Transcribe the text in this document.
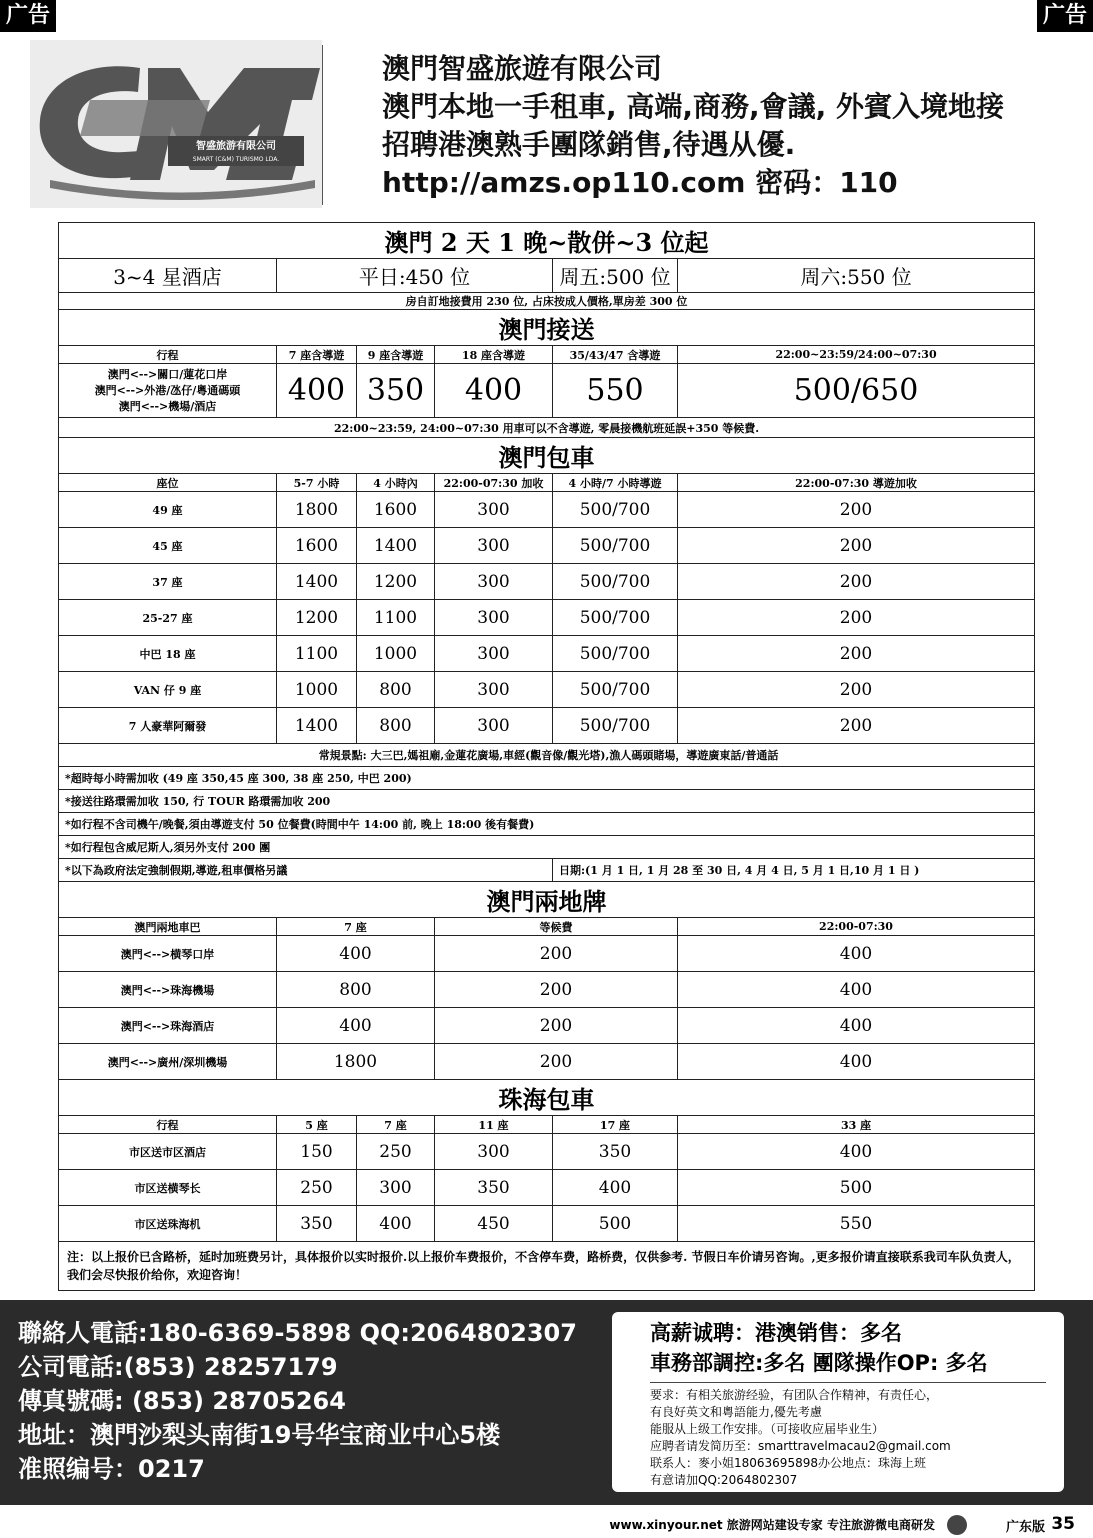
广告	广告
智盛旅游有限公司
SMART (C&M) TURISMO LDA.
澳門智盛旅遊有限公司
澳門本地一手租車, 高端,商務,會議, 外賓入境地接
招聘港澳熟手團隊銷售,待遇从優.
http://amzs.op110.com 密码：110
澳門 2 天 1 晚~散併~3 位起					
3~4 星酒店	平日:450 位			周五:500 位	周六:550 位
房自訂地接費用 230 位, 占床按成人價格,單房差 300 位					
澳門接送					
行程	7 座含導遊	9 座含導遊	18 座含導遊	35/43/47 含導遊	22:00~23:59/24:00~07:30

澳門<-->關口/蓮花口岸
澳門<-->外港/氹仔/粵通碼頭
澳門<-->機場/酒店	400	350	400	550	500/650
22:00~23:59, 24:00~07:30 用車可以不含導遊, 零晨接機航班延誤+350 等候費.					
澳門包車					
座位	5-7 小時	4 小時內	22:00-07:30 加收	4 小時/7 小時導遊	22:00-07:30 導遊加收
49 座	1800	1600	300	500/700	200
45 座	1600	1400	300	500/700	200
37 座	1400	1200	300	500/700	200
25-27 座	1200	1100	300	500/700	200
中巴 18 座	1100	1000	300	500/700	200
VAN 仔 9 座	1000	800	300	500/700	200
7 人豪華阿爾發	1400	800	300	500/700	200
常規景點: 大三巴,媽祖廟,金蓮花廣場,車經(觀音像/觀光塔),漁人碼頭賭場，導遊廣東話/普通話					
*超時每小時需加收 (49 座 350,45 座 300, 38 座 250, 中巴 200)					
*接送往路環需加收 150, 行 TOUR 路環需加收 200					
*如行程不含司機午/晚餐,須由導遊支付 50 位餐費(時間中午 14:00 前, 晚上 18:00 後有餐費)					
*如行程包含威尼斯人,須另外支付 200 團					
*以下為政府法定強制假期,導遊,租車價格另議				日期:(1 月 1 日, 1 月 28 至 30 日, 4 月 4 日, 5 月 1 日,10 月 1 日 )	
澳門兩地牌					
澳門兩地車巴	7 座		等候費		22:00-07:30
澳門<-->横琴口岸	400		200		400
澳門<-->珠海機場	800		200		400
澳門<-->珠海酒店	400		200		400
澳門<-->廣州/深圳機場	1800		200		400
珠海包車					
行程	5 座	7 座	11 座	17 座	33 座
市区送市区酒店	150	250	300	350	400
市区送横琴长	250	300	350	400	500
市区送珠海机	350	400	450	500	550
注：以上报价已含路桥，延时加班费另计，具体报价以实时报价.以上报价车费报价，不含停车费，路桥费，仅供参考. 节假日车价请另咨询。,更多报价请直接联系我司车队负责人，我们会尽快报价给你，欢迎咨询！					
聯絡人電話:180-6369-5898 QQ:2064802307
公司電話:(853) 28257179
傳真號碼: (853) 28705264
地址：澳門沙梨头南街19号华宝商业中心5楼
准照编号：0217
高薪诚聘：港澳销售：多名
車務部調控:多名 團隊操作OP: 多名
要求：有相关旅游经验，有团队合作精神，有责任心，
有良好英文和粵語能力,優先考慮
能服从上级工作安排。（可接收应届毕业生）
应聘者请发简历至：smarttravelmacau2@gmail.com
联系人：麥小姐18063695898办公地点：珠海上班
有意请加QQ:2064802307
www.xinyour.net 旅游网站建设专家 专注旅游微电商研发	广东版 35
